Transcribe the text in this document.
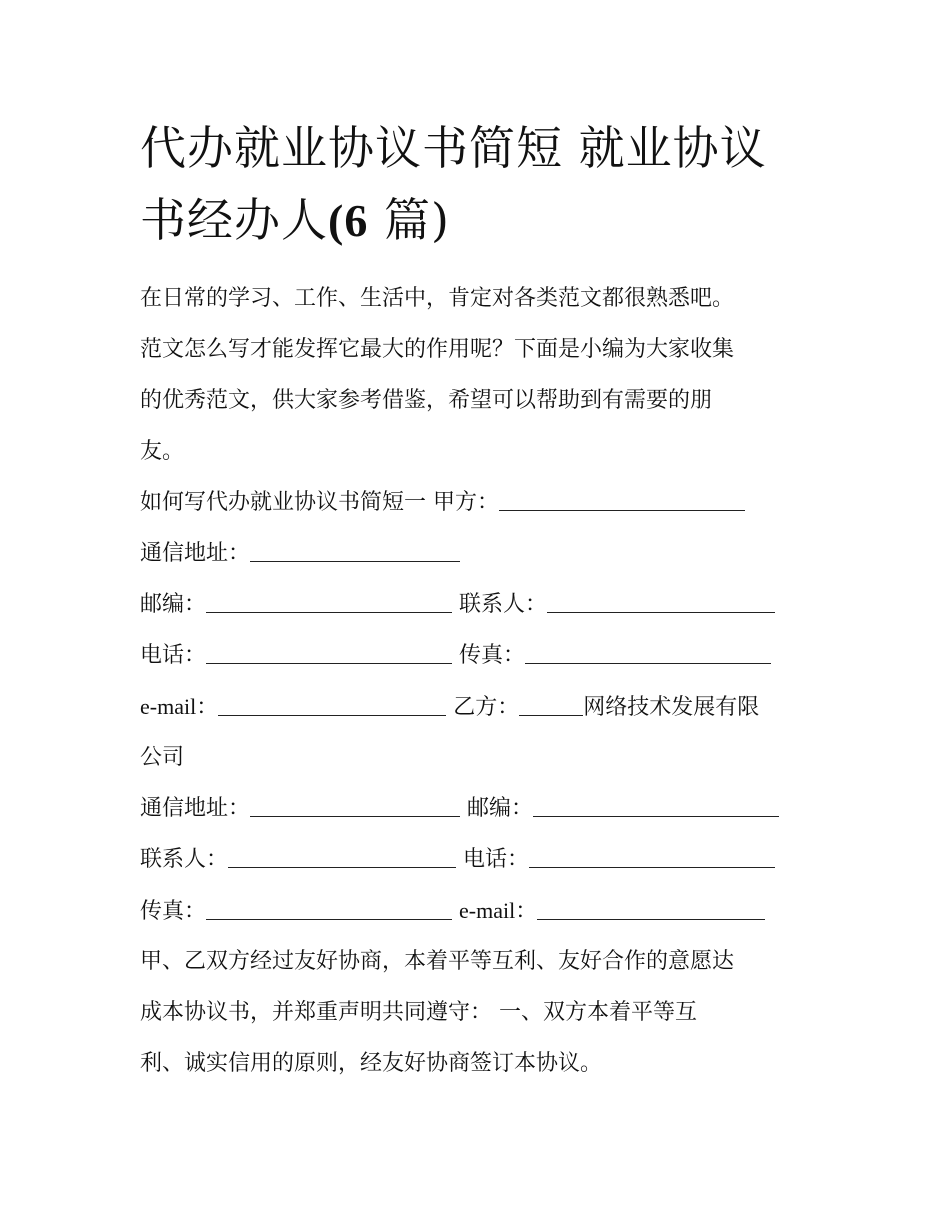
代办就业协议书简短 就业协议
书经办人(6 篇)

在日常的学习、工作、生活中，肯定对各类范文都很熟悉吧。
范文怎么写才能发挥它最大的作用呢？下面是小编为大家收集
的优秀范文，供大家参考借鉴，希望可以帮助到有需要的朋
友。

如何写代办就业协议书简短一 甲方：
通信地址：
邮编：	联系人：
电话：	传真：
e-mail：	乙方：	网络技术发展有限
公司
通信地址：	邮编：
联系人：	电话：
传真：	e-mail：

甲、乙双方经过友好协商，本着平等互利、友好合作的意愿达
成本协议书，并郑重声明共同遵守： 一、双方本着平等互
利、诚实信用的原则，经友好协商签订本协议。
